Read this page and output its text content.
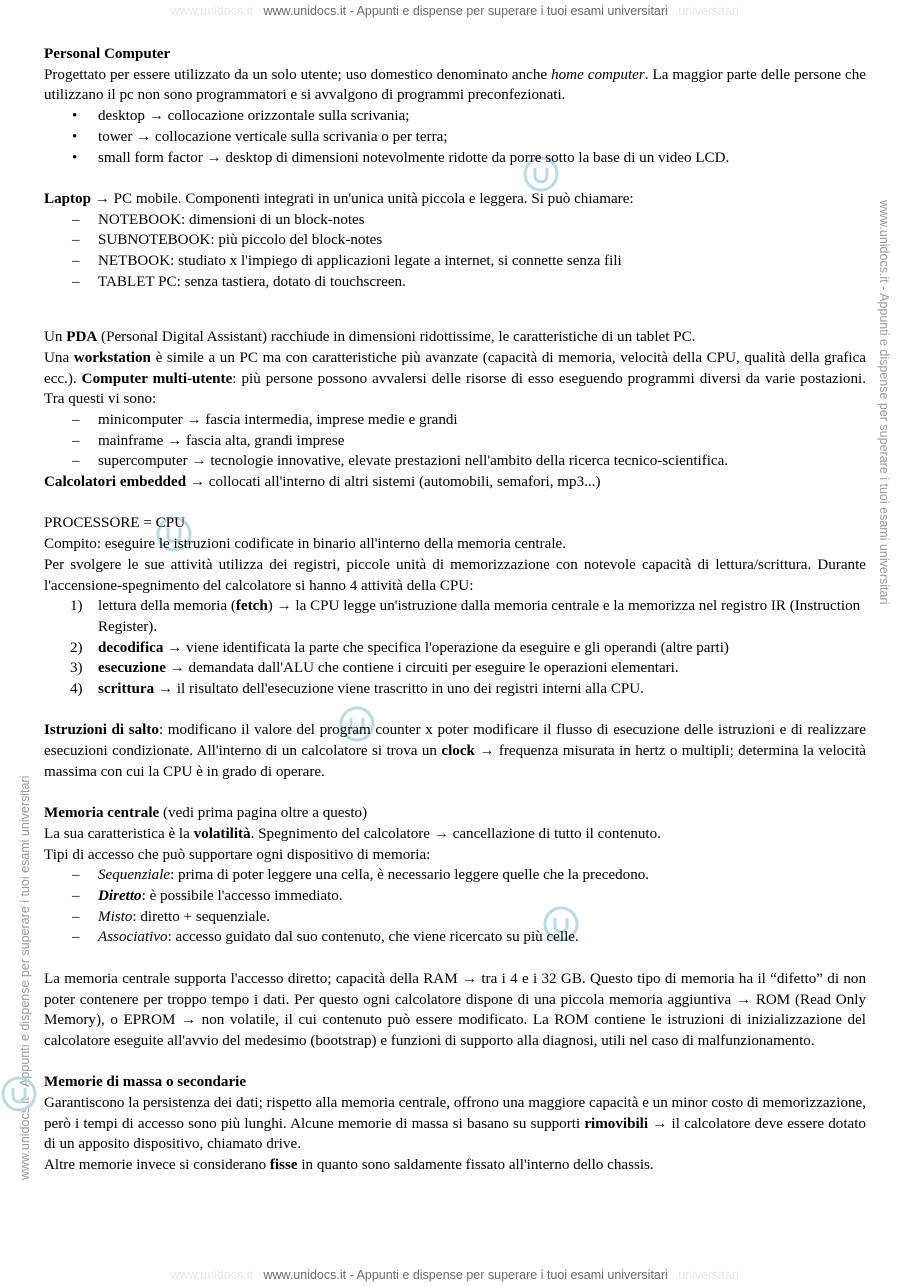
www.unidocs.it www.unidocs.it - Appunti e dispense per superare i tuoi esami universitari universitari
www.unidocs.it - Appunti e dispense per superare i tuoi esami universitari
www.unidocs.it - Appunti e dispense per superare i tuoi esami universitari

Personal Computer

Progettato per essere utilizzato da un solo utente; uso domestico denominato anche home computer. La maggior parte delle persone che utilizzano il pc non sono programmatori e si avvalgono di programmi preconfezionati.

• desktop → collocazione orizzontale sulla scrivania;
• tower → collocazione verticale sulla scrivania o per terra;
• small form factor → desktop di dimensioni notevolmente ridotte da porre sotto la base di un video LCD.

Laptop → PC mobile. Componenti integrati in un'unica unità piccola e leggera. Si può chiamare:

– NOTEBOOK: dimensioni di un block-notes
– SUBNOTEBOOK: più piccolo del block-notes
– NETBOOK: studiato x l'impiego di applicazioni legate a internet, si connette senza fili
– TABLET PC: senza tastiera, dotato di touchscreen.

Un PDA (Personal Digital Assistant) racchiude in dimensioni ridottissime, le caratteristiche di un tablet PC.

Una workstation è simile a un PC ma con caratteristiche più avanzate (capacità di memoria, velocità della CPU, qualità della grafica ecc.). Computer multi-utente: più persone possono avvalersi delle risorse di esso eseguendo programmi diversi da varie postazioni. Tra questi vi sono:

– minicomputer → fascia intermedia, imprese medie e grandi
– mainframe → fascia alta, grandi imprese
– supercomputer → tecnologie innovative, elevate prestazioni nell'ambito della ricerca tecnico-scientifica.

Calcolatori embedded → collocati all'interno di altri sistemi (automobili, semafori, mp3...)

PROCESSORE = CPU

Compito: eseguire le istruzioni codificate in binario all'interno della memoria centrale.

Per svolgere le sue attività utilizza dei registri, piccole unità di memorizzazione con notevole capacità di lettura/scrittura. Durante l'accensione-spegnimento del calcolatore si hanno 4 attività della CPU:

1) lettura della memoria (fetch) → la CPU legge un'istruzione dalla memoria centrale e la memorizza nel registro IR (Instruction Register).
2) decodifica → viene identificata la parte che specifica l'operazione da eseguire e gli operandi (altre parti)
3) esecuzione → demandata dall'ALU che contiene i circuiti per eseguire le operazioni elementari.
4) scrittura → il risultato dell'esecuzione viene trascritto in uno dei registri interni alla CPU.

Istruzioni di salto: modificano il valore del program counter x poter modificare il flusso di esecuzione delle istruzioni e di realizzare esecuzioni condizionate. All'interno di un calcolatore si trova un clock → frequenza misurata in hertz o multipli; determina la velocità massima con cui la CPU è in grado di operare.

Memoria centrale (vedi prima pagina oltre a questo)

La sua caratteristica è la volatilità. Spegnimento del calcolatore → cancellazione di tutto il contenuto.

Tipi di accesso che può supportare ogni dispositivo di memoria:

– Sequenziale: prima di poter leggere una cella, è necessario leggere quelle che la precedono.
– Diretto: è possibile l'accesso immediato.
– Misto: diretto + sequenziale.
– Associativo: accesso guidato dal suo contenuto, che viene ricercato su più celle.

La memoria centrale supporta l'accesso diretto; capacità della RAM → tra i 4 e i 32 GB. Questo tipo di memoria ha il “difetto” di non poter contenere per troppo tempo i dati. Per questo ogni calcolatore dispone di una piccola memoria aggiuntiva → ROM (Read Only Memory), o EPROM → non volatile, il cui contenuto può essere modificato. La ROM contiene le istruzioni di inizializzazione del calcolatore eseguite all'avvio del medesimo (bootstrap) e funzioni di supporto alla diagnosi, utili nel caso di malfunzionamento.

Memorie di massa o secondarie

Garantiscono la persistenza dei dati; rispetto alla memoria centrale, offrono una maggiore capacità e un minor costo di memorizzazione, però i tempi di accesso sono più lunghi. Alcune memorie di massa si basano su supporti rimovibili → il calcolatore deve essere dotato di un apposito dispositivo, chiamato drive.

Altre memorie invece si considerano fisse in quanto sono saldamente fissato all'interno dello chassis.

www.unidocs.it www.unidocs.it - Appunti e dispense per superare i tuoi esami universitari universitari
